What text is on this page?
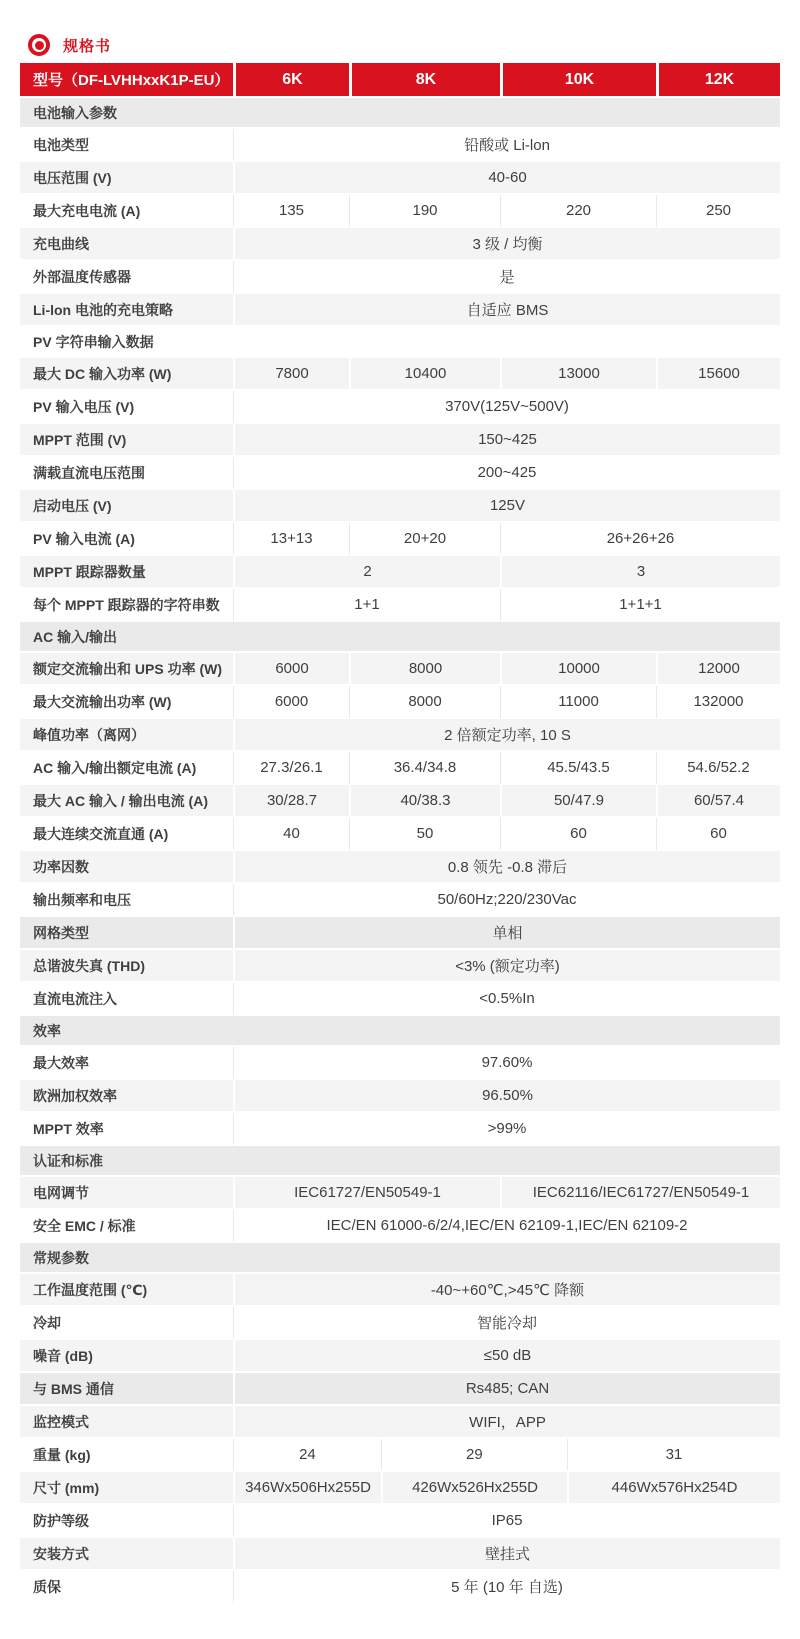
规格书
型号（DF-LVHHxxK1P-EU）	6K	8K	10K	12K
电池输入参数				
电池类型	铅酸或 Li-lon			
电压范围 (V)	40-60			
最大充电电流 (A)	135	190	220	250
充电曲线	3 级 / 均衡			
外部温度传感器	是			
Li-lon 电池的充电策略	自适应 BMS			
PV 字符串输入数据				
最大 DC 输入功率 (W)	7800	10400	13000	15600
PV 输入电压 (V)	370V(125V~500V)			
MPPT 范围 (V)	150~425			
满载直流电压范围	200~425			
启动电压 (V)	125V			
PV 输入电流 (A)	13+13	20+20	26+26+26	
MPPT 跟踪器数量	2		3	
每个 MPPT 跟踪器的字符串数	1+1		1+1+1	
AC 输入/输出				
额定交流输出和 UPS 功率 (W)	6000	8000	10000	12000
最大交流输出功率 (W)	6000	8000	11000	132000
峰值功率（离网）	2 倍额定功率, 10 S			
AC 输入/输出额定电流 (A)	27.3/26.1	36.4/34.8	45.5/43.5	54.6/52.2
最大 AC 输入 / 输出电流 (A)	30/28.7	40/38.3	50/47.9	60/57.4
最大连续交流直通 (A)	40	50	60	60
功率因数	0.8 领先 -0.8 滞后			
输出频率和电压	50/60Hz;220/230Vac			
网格类型	单相			
总谐波失真 (THD)	<3% (额定功率)			
直流电流注入	<0.5%In			
效率				
最大效率	97.60%			
欧洲加权效率	96.50%			
MPPT 效率	>99%			
认证和标准				
电网调节	IEC61727/EN50549-1		IEC62116/IEC61727/EN50549-1	
安全 EMC / 标准	IEC/EN 61000-6/2/4,IEC/EN 62109-1,IEC/EN 62109-2			
常规参数				
工作温度范围 (℃)	-40~+60℃,>45℃ 降额			
冷却	智能冷却			
噪音 (dB)	≤50 dB			
与 BMS 通信	Rs485; CAN			
监控模式	WIFI，APP			
重量 (kg)	24 29 31			

尺寸 (mm)	346Wx506Hx255D 426Wx526Hx255D 446Wx576Hx254D			

防护等级	IP65			
安装方式	壁挂式			
质保	5 年 (10 年 自选)			
